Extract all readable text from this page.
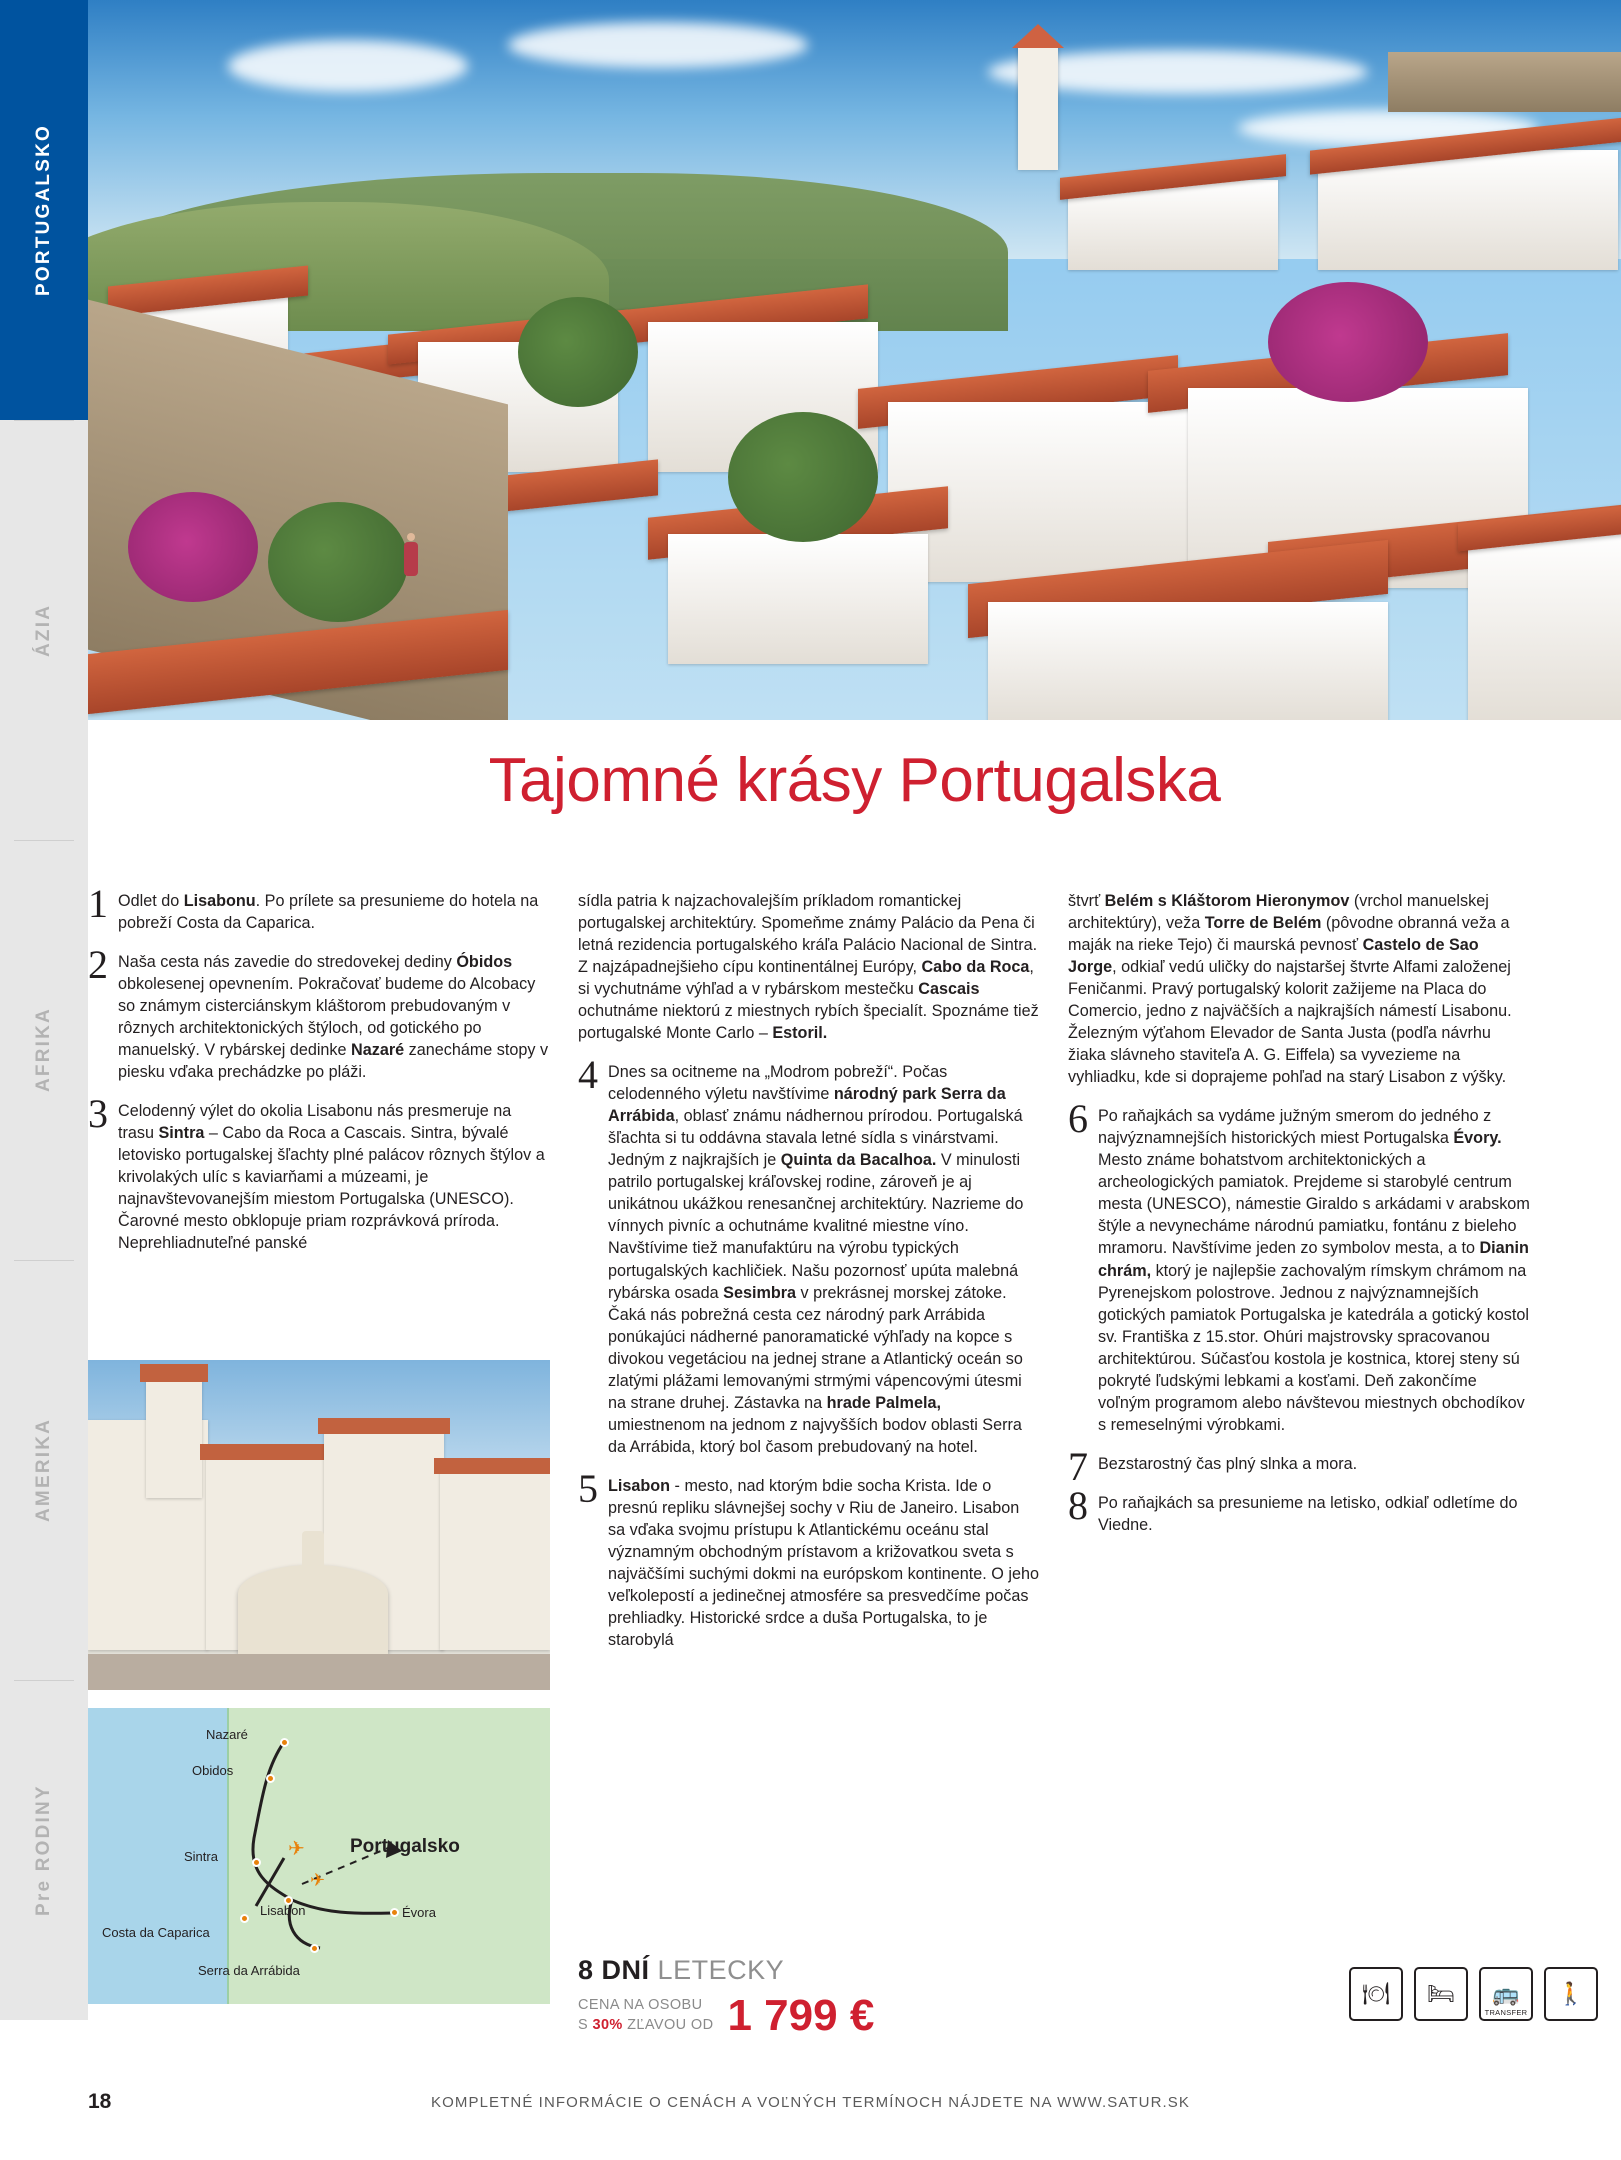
PORTUGALSKO
ÁZIA
AFRIKA
AMERIKA
Pre RODINY
Tajomné krásy Portugalska
1 Odlet do Lisabonu. Po prílete sa presunieme do hotela na pobreží Costa da Caparica.
2 Naša cesta nás zavedie do stredovekej dediny Óbidos obkolesenej opevnením. Pokračovať budeme do Alcobacy so známym cisterciánskym kláštorom prebudovaným v rôznych architektonických štýloch, od gotického po manuelský. V rybárskej dedinke Nazaré zanecháme stopy v piesku vďaka prechádzke po pláži.
3 Celodenný výlet do okolia Lisabonu nás presmeruje na trasu Sintra – Cabo da Roca a Cascais. Sintra, bývalé letovisko portugalskej šľachty plné palácov rôznych štýlov a krivolakých ulíc s kaviarňami a múzeami, je najnavštevovanejším miestom Portugalska (UNESCO). Čarovné mesto obklopuje priam rozprávková príroda. Neprehliadnuteľné panské
Nazaré
Obidos
Sintra
Lisabon
Costa da Caparica
Serra da Arrábida
Évora
Portugalsko
✈
✈
sídla patria k najzachovalejším príkladom romantickej portugalskej architektúry. Spomeňme známy Palácio da Pena či letná rezidencia portugalského kráľa Palácio Nacional de Sintra. Z najzápadnejšieho cípu kontinentálnej Európy, Cabo da Roca, si vychutnáme výhľad a v rybárskom mestečku Cascais ochutnáme niektorú z miestnych rybích špecialít. Spoznáme tiež portugalské Monte Carlo – Estoril.
4 Dnes sa ocitneme na „Modrom pobreží“. Počas celodenného výletu navštívime národný park Serra da Arrábida, oblasť známu nádhernou prírodou. Portugalská šľachta si tu oddávna stavala letné sídla s vinárstvami. Jedným z najkrajších je Quinta da Bacalhoa. V minulosti patrilo portugalskej kráľovskej rodine, zároveň je aj unikátnou ukážkou renesančnej architektúry. Nazrieme do vínnych pivníc a ochutnáme kvalitné miestne víno. Navštívime tiež manufaktúru na výrobu typických portugalských kachličiek. Našu pozornosť upúta malebná rybárska osada Sesimbra v prekrásnej morskej zátoke. Čaká nás pobrežná cesta cez národný park Arrábida ponúkajúci nádherné panoramatické výhľady na kopce s divokou vegetáciou na jednej strane a Atlantický oceán so zlatými plážami lemovanými strmými vápencovými útesmi na strane druhej. Zástavka na hrade Palmela, umiestnenom na jednom z najvyšších bodov oblasti Serra da Arrábida, ktorý bol časom prebudovaný na hotel.
5 Lisabon - mesto, nad ktorým bdie socha Krista. Ide o presnú repliku slávnejšej sochy v Riu de Janeiro. Lisabon sa vďaka svojmu prístupu k Atlantickému oceánu stal významným obchodným prístavom a križovatkou sveta s najväčšími suchými dokmi na európskom kontinente. O jeho veľkolepostí a jedinečnej atmosfére sa presvedčíme počas prehliadky. Historické srdce a duša Portugalska, to je starobylá
štvrť Belém s Kláštorom Hieronymov (vrchol manuelskej architektúry), veža Torre de Belém (pôvodne obranná veža a maják na rieke Tejo) či maurská pevnosť Castelo de Sao Jorge, odkiaľ vedú uličky do najstaršej štvrte Alfami založenej Feničanmi. Pravý portugalský kolorit zažijeme na Placa do Comercio, jedno z najväčších a najkrajších námestí Lisabonu. Železným výťahom Elevador de Santa Justa (podľa návrhu žiaka slávneho staviteľa A. G. Eiffela) sa vyvezieme na vyhliadku, kde si doprajeme pohľad na starý Lisabon z výšky.
6 Po raňajkách sa vydáme južným smerom do jedného z najvýznamnejších historických miest Portugalska Évory. Mesto známe bohatstvom architektonických a archeologických pamiatok. Prejdeme si starobylé centrum mesta (UNESCO), námestie Giraldo s arkádami v arabskom štýle a nevynecháme národnú pamiatku, fontánu z bieleho mramoru. Navštívime jeden zo symbolov mesta, a to Dianin chrám, ktorý je najlepšie zachovalým rímskym chrámom na Pyrenejskom polostrove. Jednou z najvýznamnejších gotických pamiatok Portugalska je katedrála a gotický kostol sv. Františka z 15.stor. Ohúri majstrovsky spracovanou architektúrou. Súčasťou kostola je kostnica, ktorej steny sú pokryté ľudskými lebkami a kosťami. Deň zakončíme voľným programom alebo návštevou miestnych obchodíkov s remeselnými výrobkami.
7 Bezstarostný čas plný slnka a mora.
8 Po raňajkách sa presunieme na letisko, odkiaľ odletíme do Viedne.
8 DNÍ LETECKY
CENA NA OSOBU
S 30% ZĽAVOU OD 1 799 €	🍽 🛏 🚌
TRANSFER
🚶
18	KOMPLETNÉ INFORMÁCIE O CENÁCH A VOĽNÝCH TERMÍNOCH NÁJDETE NA WWW.SATUR.SK
